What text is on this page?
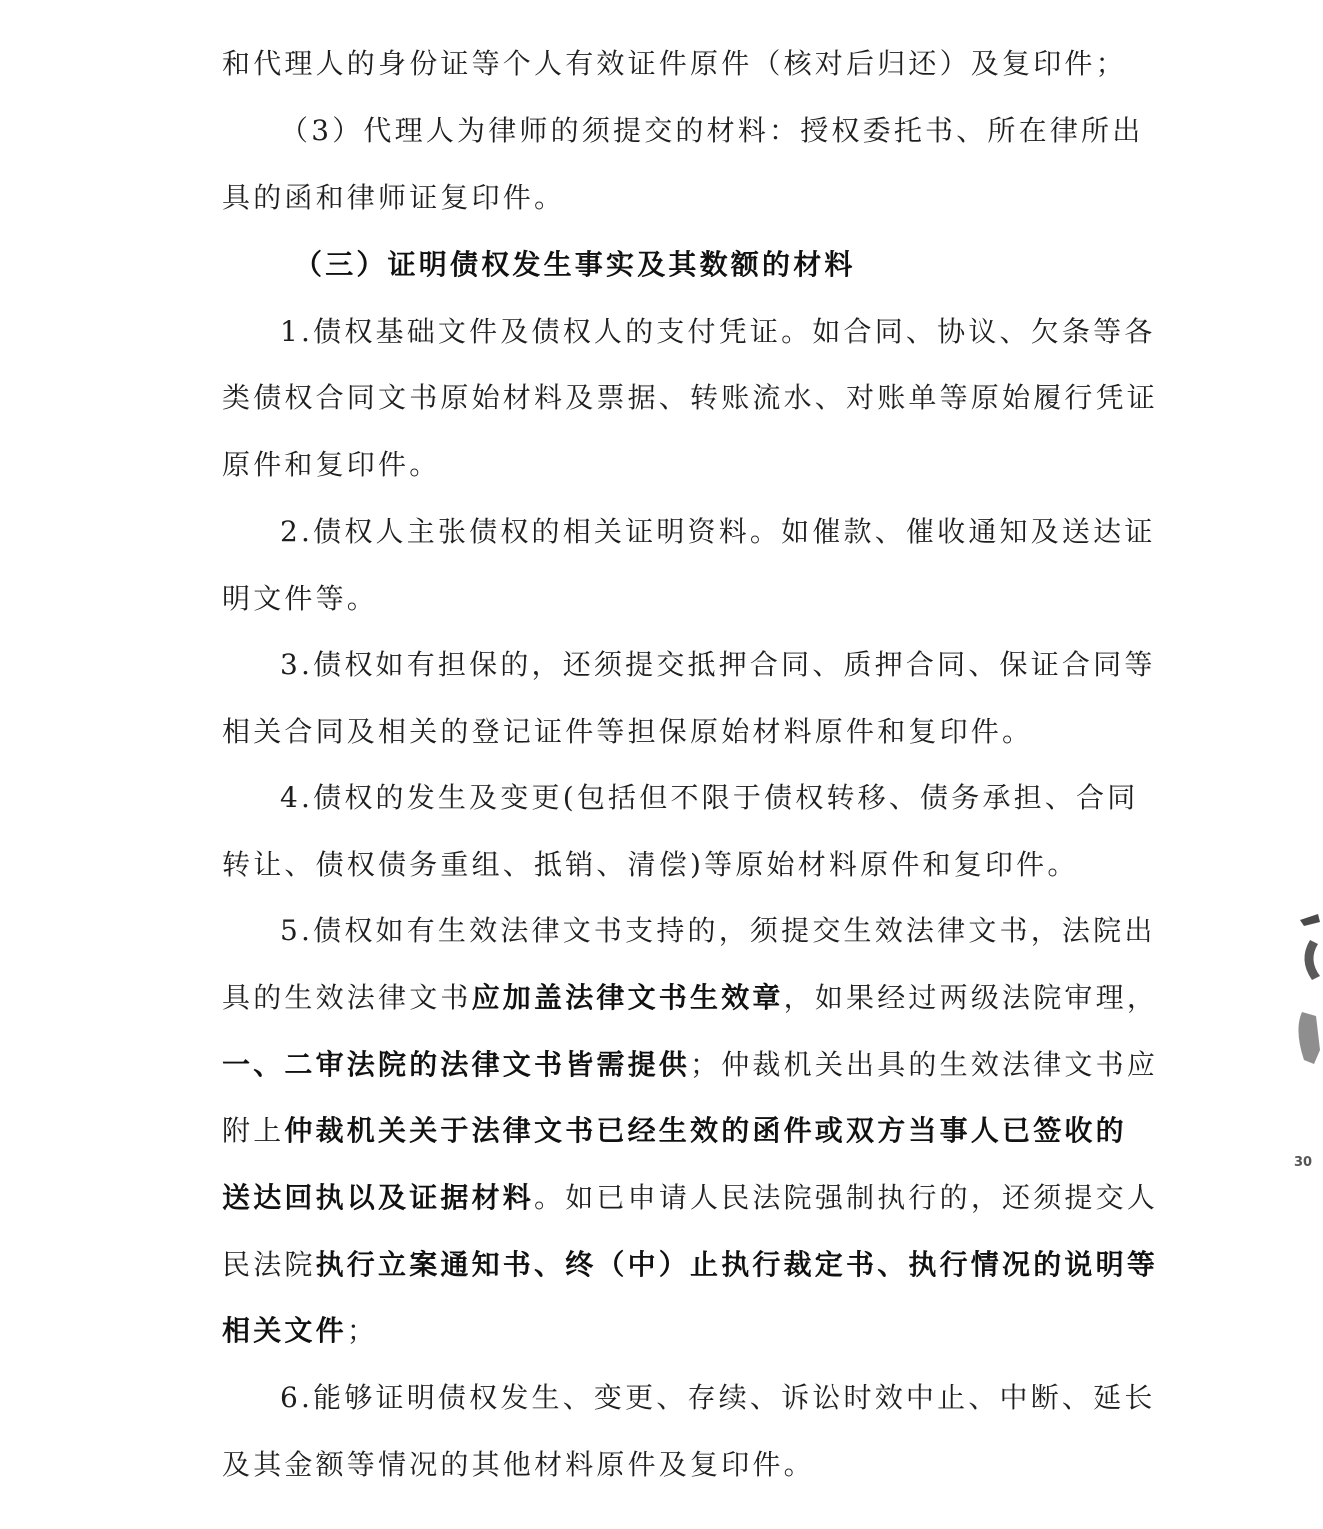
和代理人的身份证等个人有效证件原件（核对后归还）及复印件；
（3）代理人为律师的须提交的材料：授权委托书、所在律所出
具的函和律师证复印件。
（三）证明债权发生事实及其数额的材料
1.债权基础文件及债权人的支付凭证。如合同、协议、欠条等各
类债权合同文书原始材料及票据、转账流水、对账单等原始履行凭证
原件和复印件。
2.债权人主张债权的相关证明资料。如催款、催收通知及送达证
明文件等。
3.债权如有担保的，还须提交抵押合同、质押合同、保证合同等
相关合同及相关的登记证件等担保原始材料原件和复印件。
4.债权的发生及变更(包括但不限于债权转移、债务承担、合同
转让、债权债务重组、抵销、清偿)等原始材料原件和复印件。
5.债权如有生效法律文书支持的，须提交生效法律文书，法院出
具的生效法律文书应加盖法律文书生效章，如果经过两级法院审理，
一、二审法院的法律文书皆需提供；仲裁机关出具的生效法律文书应
附上仲裁机关关于法律文书已经生效的函件或双方当事人已签收的
送达回执以及证据材料。如已申请人民法院强制执行的，还须提交人
民法院执行立案通知书、终（中）止执行裁定书、执行情况的说明等
相关文件；
6.能够证明债权发生、变更、存续、诉讼时效中止、中断、延长
及其金额等情况的其他材料原件及复印件。
30
